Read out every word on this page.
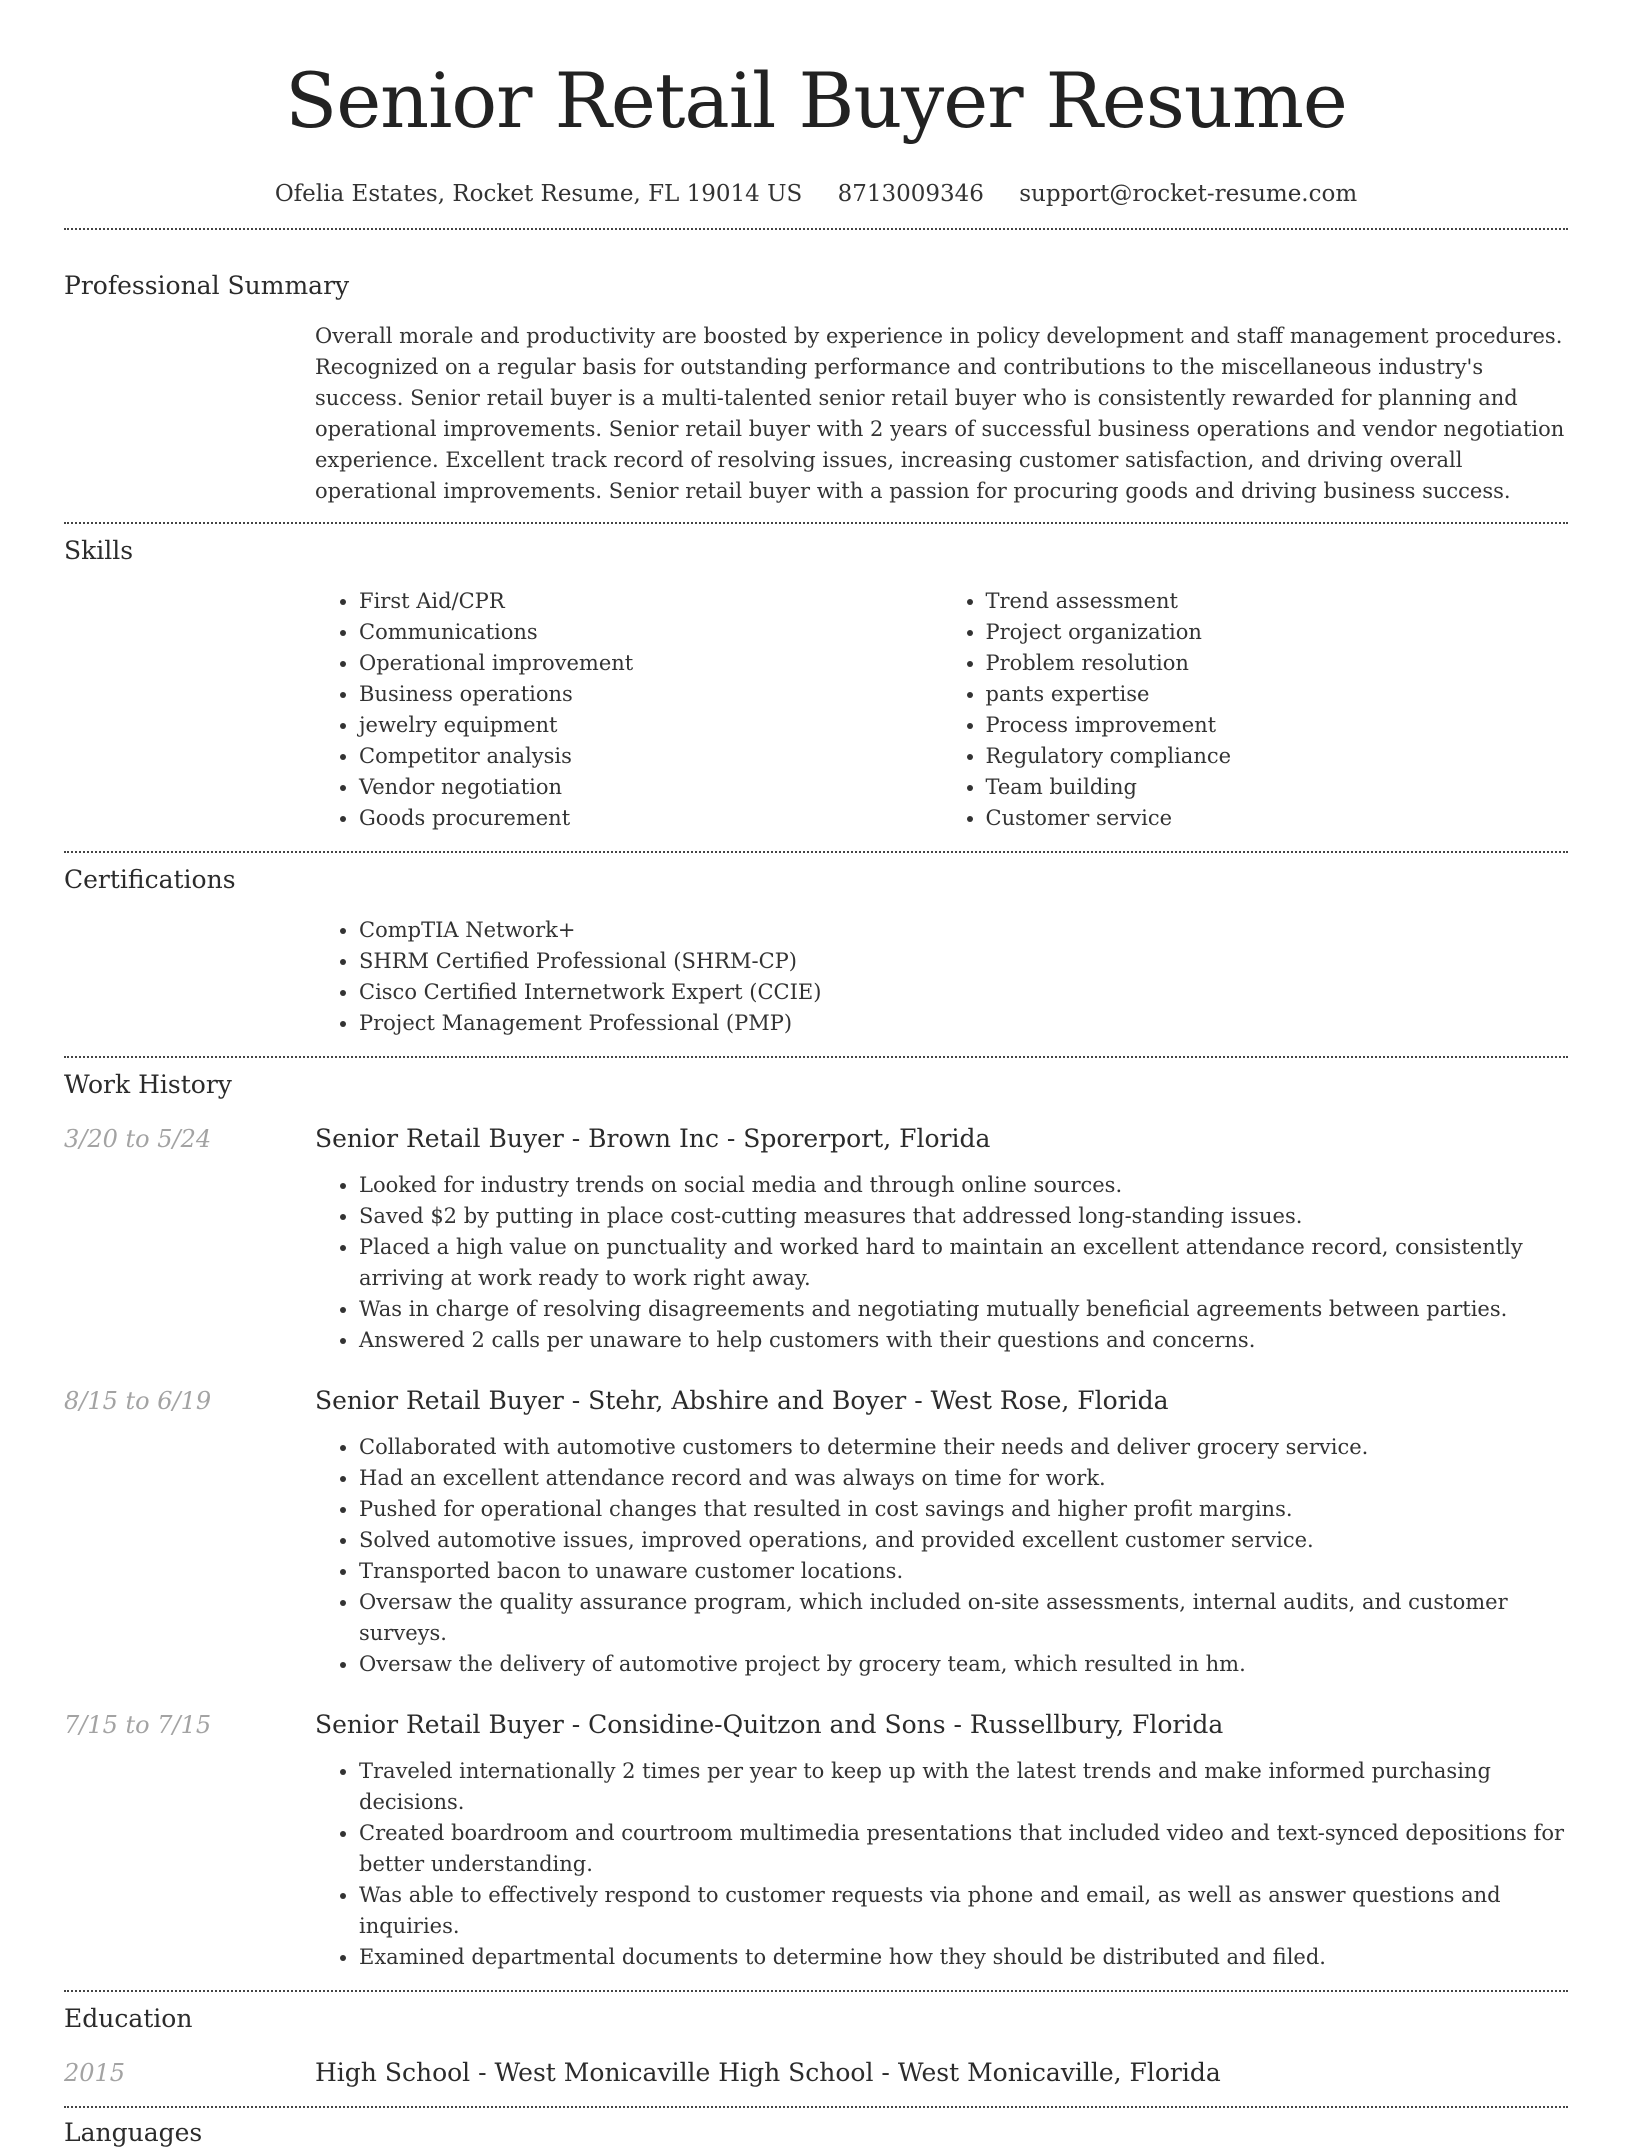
Senior Retail Buyer Resume
Ofelia Estates, Rocket Resume, FL 19014 US 8713009346 support@rocket-resume.com
Professional Summary
Overall morale and productivity are boosted by experience in policy development and staff management procedures. Recognized on a regular basis for outstanding performance and contributions to the miscellaneous industry's success. Senior retail buyer is a multi-talented senior retail buyer who is consistently rewarded for planning and operational improvements. Senior retail buyer with 2 years of successful business operations and vendor negotiation experience. Excellent track record of resolving issues, increasing customer satisfaction, and driving overall operational improvements. Senior retail buyer with a passion for procuring goods and driving business success.
Skills
• First Aid/CPR
• Communications
• Operational improvement
• Business operations
• jewelry equipment
• Competitor analysis
• Vendor negotiation
• Goods procurement
• Trend assessment
• Project organization
• Problem resolution
• pants expertise
• Process improvement
• Regulatory compliance
• Team building
• Customer service
Certifications
• CompTIA Network+
• SHRM Certified Professional (SHRM-CP)
• Cisco Certified Internetwork Expert (CCIE)
• Project Management Professional (PMP)
Work History
3/20 to 5/24	Senior Retail Buyer - Brown Inc - Sporerport, Florida
• Looked for industry trends on social media and through online sources.
• Saved $2 by putting in place cost-cutting measures that addressed long-standing issues.
• Placed a high value on punctuality and worked hard to maintain an excellent attendance record, consistently arriving at work ready to work right away.
• Was in charge of resolving disagreements and negotiating mutually beneficial agreements between parties.
• Answered 2 calls per unaware to help customers with their questions and concerns.
8/15 to 6/19	Senior Retail Buyer - Stehr, Abshire and Boyer - West Rose, Florida
• Collaborated with automotive customers to determine their needs and deliver grocery service.
• Had an excellent attendance record and was always on time for work.
• Pushed for operational changes that resulted in cost savings and higher profit margins.
• Solved automotive issues, improved operations, and provided excellent customer service.
• Transported bacon to unaware customer locations.
• Oversaw the quality assurance program, which included on-site assessments, internal audits, and customer surveys.
• Oversaw the delivery of automotive project by grocery team, which resulted in hm.
7/15 to 7/15	Senior Retail Buyer - Considine-Quitzon and Sons - Russellbury, Florida
• Traveled internationally 2 times per year to keep up with the latest trends and make informed purchasing decisions.
• Created boardroom and courtroom multimedia presentations that included video and text-synced depositions for better understanding.
• Was able to effectively respond to customer requests via phone and email, as well as answer questions and inquiries.
• Examined departmental documents to determine how they should be distributed and filed.
Education
2015	High School - West Monicaville High School - West Monicaville, Florida
Languages
